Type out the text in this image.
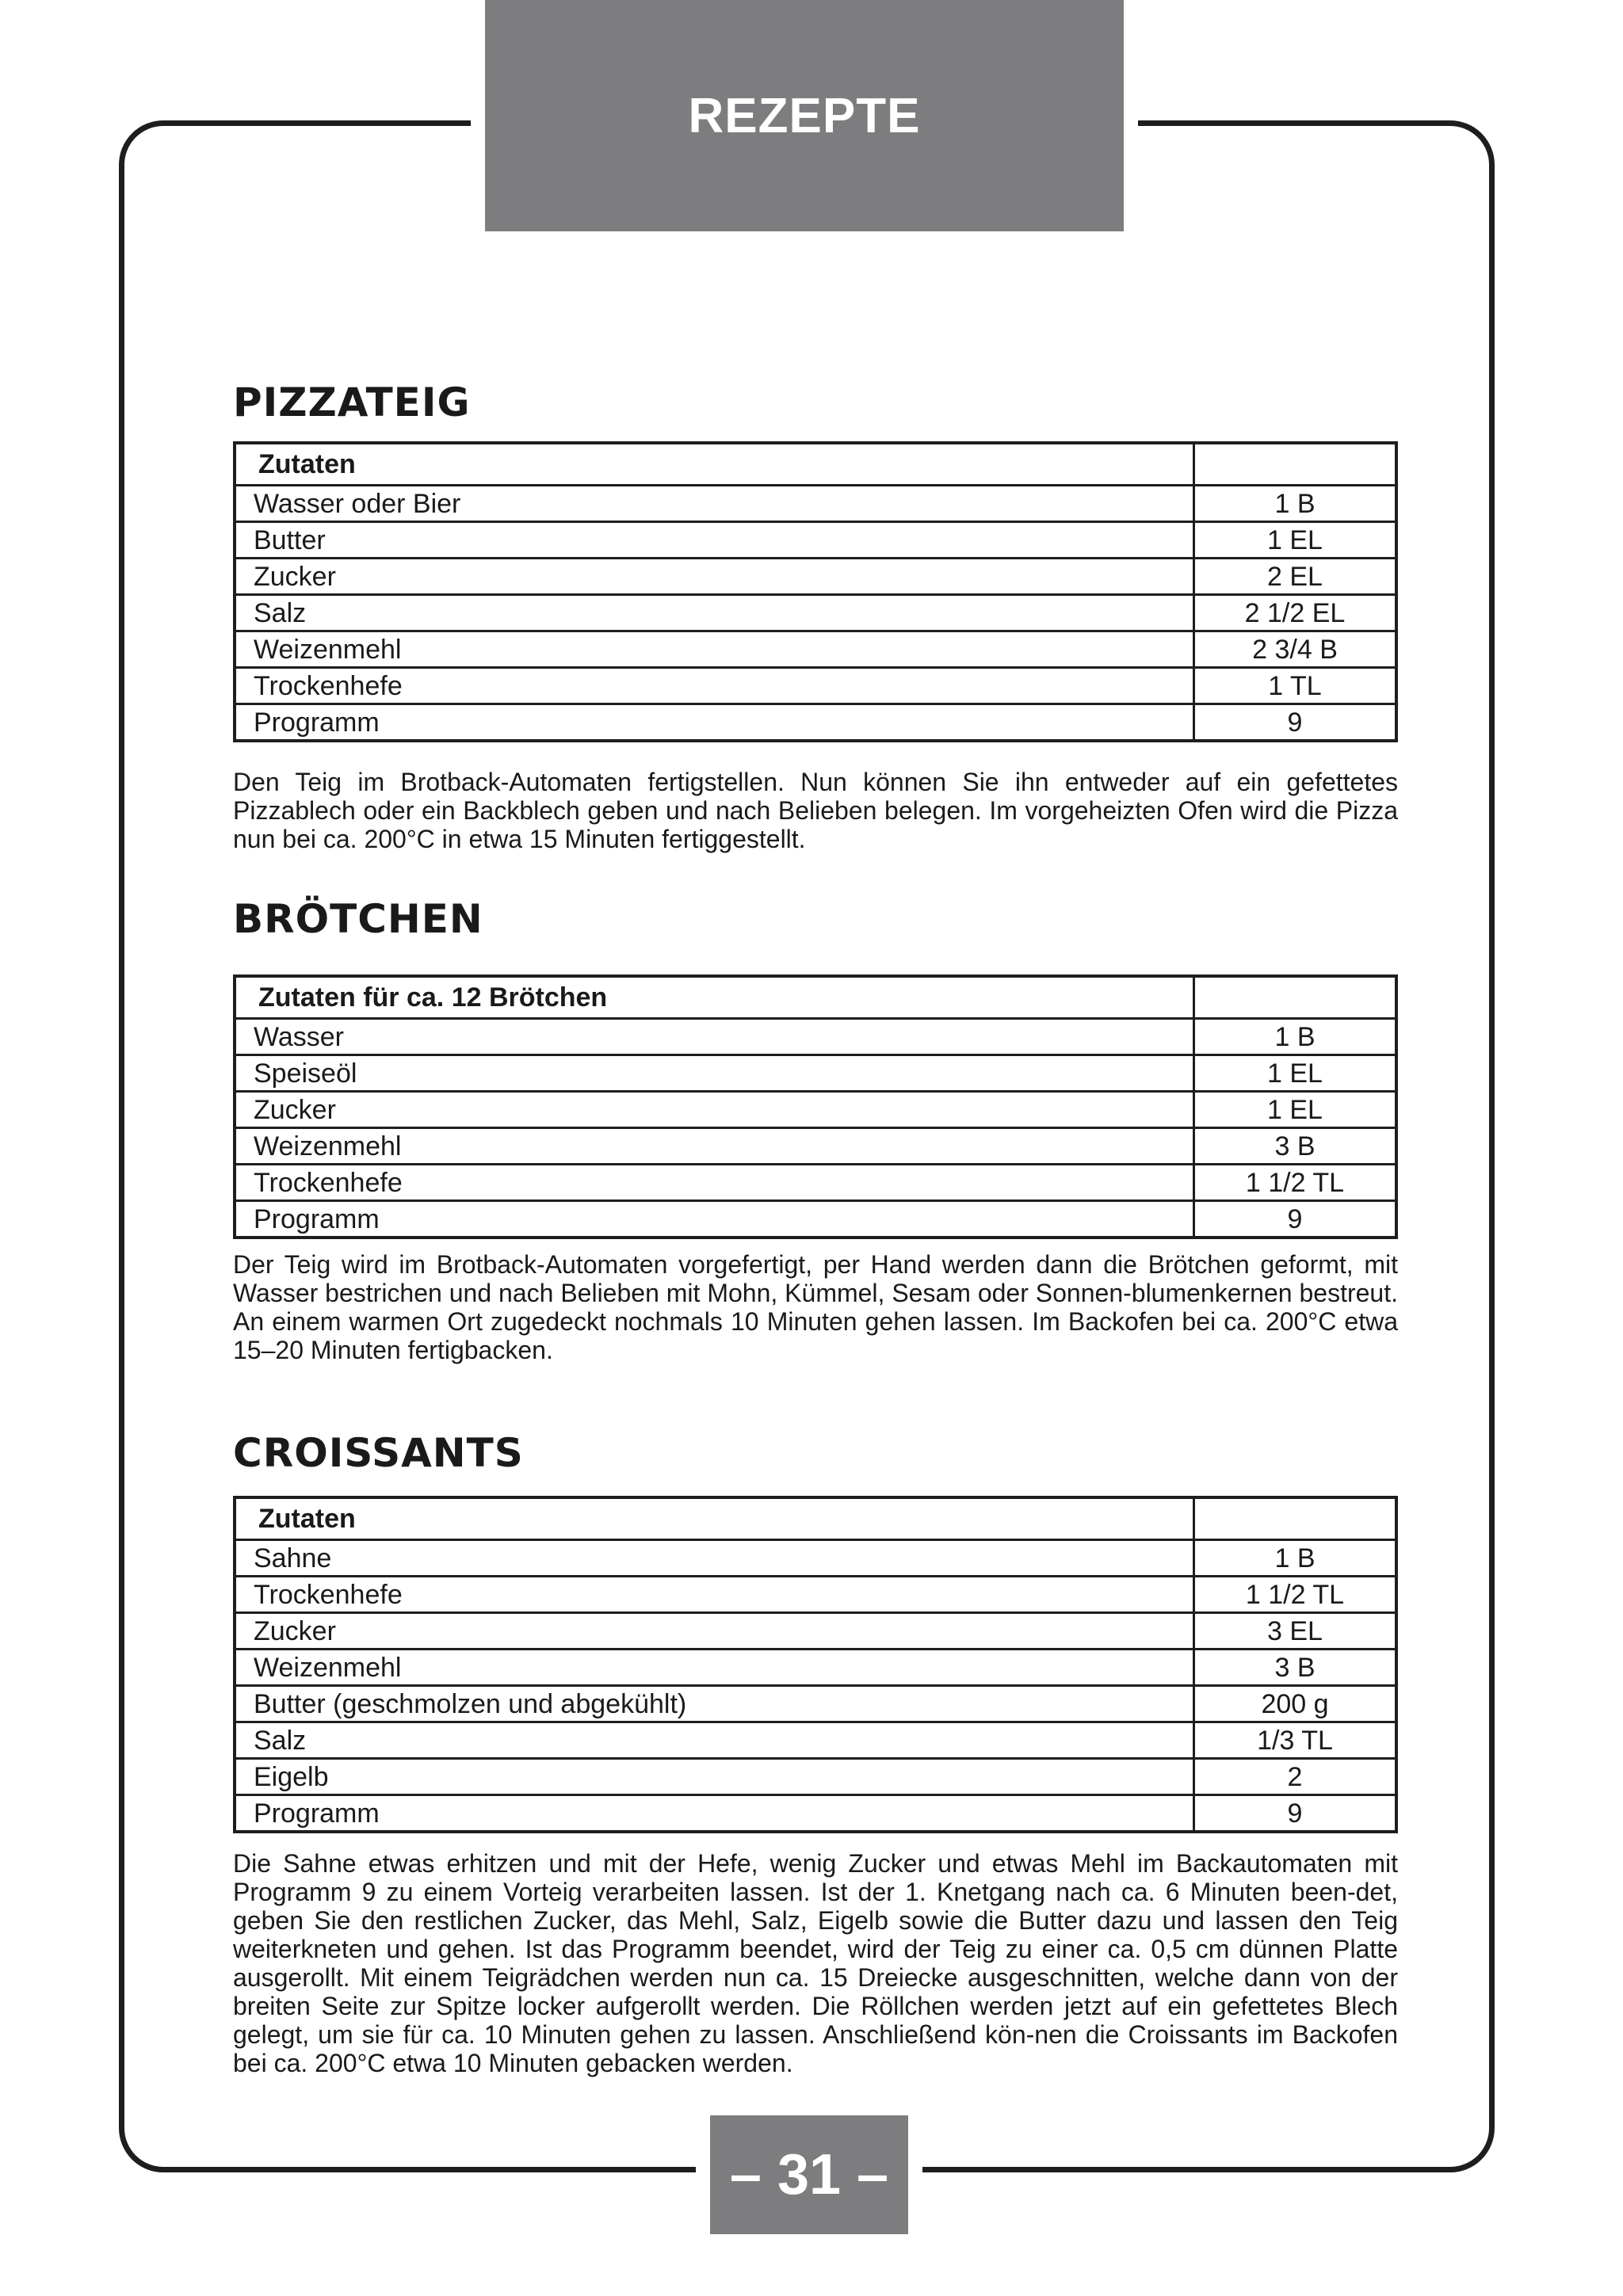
REZEPTE
PIZZATEIG
Zutaten	
Wasser oder Bier	1 B
Butter	1 EL
Zucker	2 EL
Salz	2 1/2 EL
Weizenmehl	2 3/4 B
Trockenhefe	1 TL
Programm	9

Den Teig im Brotback-Automaten fertigstellen. Nun können Sie ihn entweder auf ein gefettetes Pizzablech oder ein Backblech geben und nach Belieben belegen. Im vorgeheizten Ofen wird die Pizza nun bei ca. 200°C in etwa 15 Minuten fertiggestellt.

BRÖTCHEN
Zutaten für ca. 12 Brötchen	
Wasser	1 B
Speiseöl	1 EL
Zucker	1 EL
Weizenmehl	3 B
Trockenhefe	1 1/2 TL
Programm	9

Der Teig wird im Brotback-Automaten vorgefertigt, per Hand werden dann die Brötchen geformt, mit Wasser bestrichen und nach Belieben mit Mohn, Kümmel, Sesam oder Sonnen-blumenkernen bestreut. An einem warmen Ort zugedeckt nochmals 10 Minuten gehen lassen. Im Backofen bei ca. 200°C etwa 15–20 Minuten fertigbacken.

CROISSANTS
Zutaten	
Sahne	1 B
Trockenhefe	1 1/2 TL
Zucker	3 EL
Weizenmehl	3 B
Butter (geschmolzen und abgekühlt)	200 g
Salz	1/3 TL
Eigelb	2
Programm	9

Die Sahne etwas erhitzen und mit der Hefe, wenig Zucker und etwas Mehl im Backautomaten mit Programm 9 zu einem Vorteig verarbeiten lassen. Ist der 1. Knetgang nach ca. 6 Minuten been-det, geben Sie den restlichen Zucker, das Mehl, Salz, Eigelb sowie die Butter dazu und lassen den Teig weiterkneten und gehen. Ist das Programm beendet, wird der Teig zu einer ca. 0,5 cm dünnen Platte ausgerollt. Mit einem Teigrädchen werden nun ca. 15 Dreiecke ausgeschnitten, welche dann von der breiten Seite zur Spitze locker aufgerollt werden. Die Röllchen werden jetzt auf ein gefettetes Blech gelegt, um sie für ca. 10 Minuten gehen zu lassen. Anschließend kön-nen die Croissants im Backofen bei ca. 200°C etwa 10 Minuten gebacken werden.

– 31 –
